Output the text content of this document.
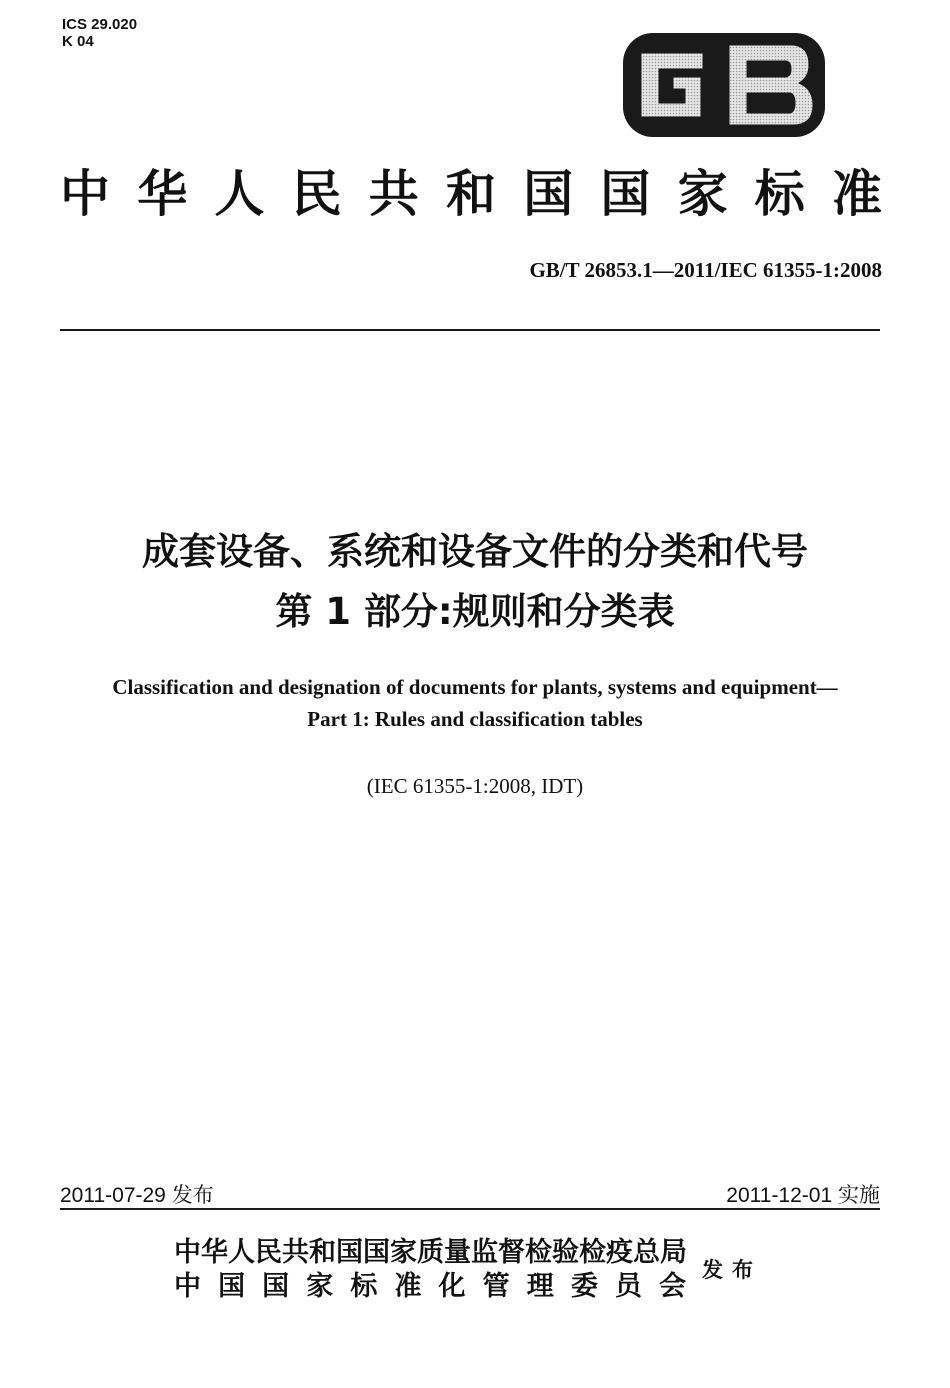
ICS 29.020
K 04
中华人民共和国国家标准
GB/T 26853.1—2011/IEC 61355-1:2008
成套设备、系统和设备文件的分类和代号
第 1 部分:规则和分类表
Classification and designation of documents for plants, systems and equipment—
Part 1: Rules and classification tables
(IEC 61355-1:2008, IDT)
2011-07-29 发布	2011-12-01 实施
中华人民共和国国家质量监督检验检疫总局
中国国家标准化管理委员会
发布
